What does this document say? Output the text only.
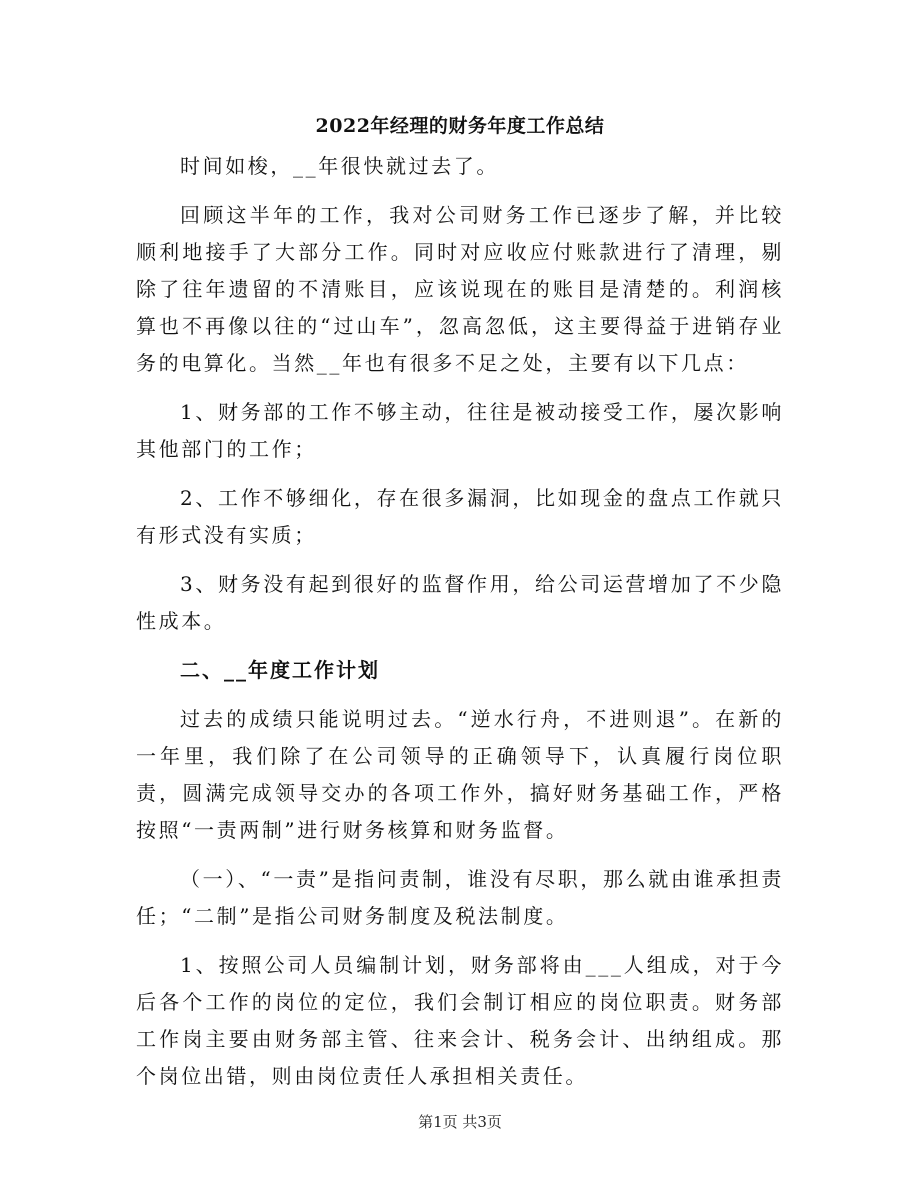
2022年经理的财务年度工作总结

时间如梭，__年很快就过去了。

回顾这半年的工作，我对公司财务工作已逐步了解，并比较顺利地接手了大部分工作。同时对应收应付账款进行了清理，剔除了往年遗留的不清账目，应该说现在的账目是清楚的。利润核算也不再像以往的“过山车”，忽高忽低，这主要得益于进销存业务的电算化。当然__年也有很多不足之处，主要有以下几点：

1、财务部的工作不够主动，往往是被动接受工作，屡次影响其他部门的工作；

2、工作不够细化，存在很多漏洞，比如现金的盘点工作就只有形式没有实质；

3、财务没有起到很好的监督作用，给公司运营增加了不少隐性成本。

二、__年度工作计划

过去的成绩只能说明过去。“逆水行舟，不进则退”。在新的一年里，我们除了在公司领导的正确领导下，认真履行岗位职责，圆满完成领导交办的各项工作外，搞好财务基础工作，严格按照“一责两制”进行财务核算和财务监督。

（一）、“一责”是指问责制，谁没有尽职，那么就由谁承担责任；“二制”是指公司财务制度及税法制度。

1、按照公司人员编制计划，财务部将由___人组成，对于今后各个工作的岗位的定位，我们会制订相应的岗位职责。财务部工作岗主要由财务部主管、往来会计、税务会计、出纳组成。那个岗位出错，则由岗位责任人承担相关责任。

第1页 共3页
